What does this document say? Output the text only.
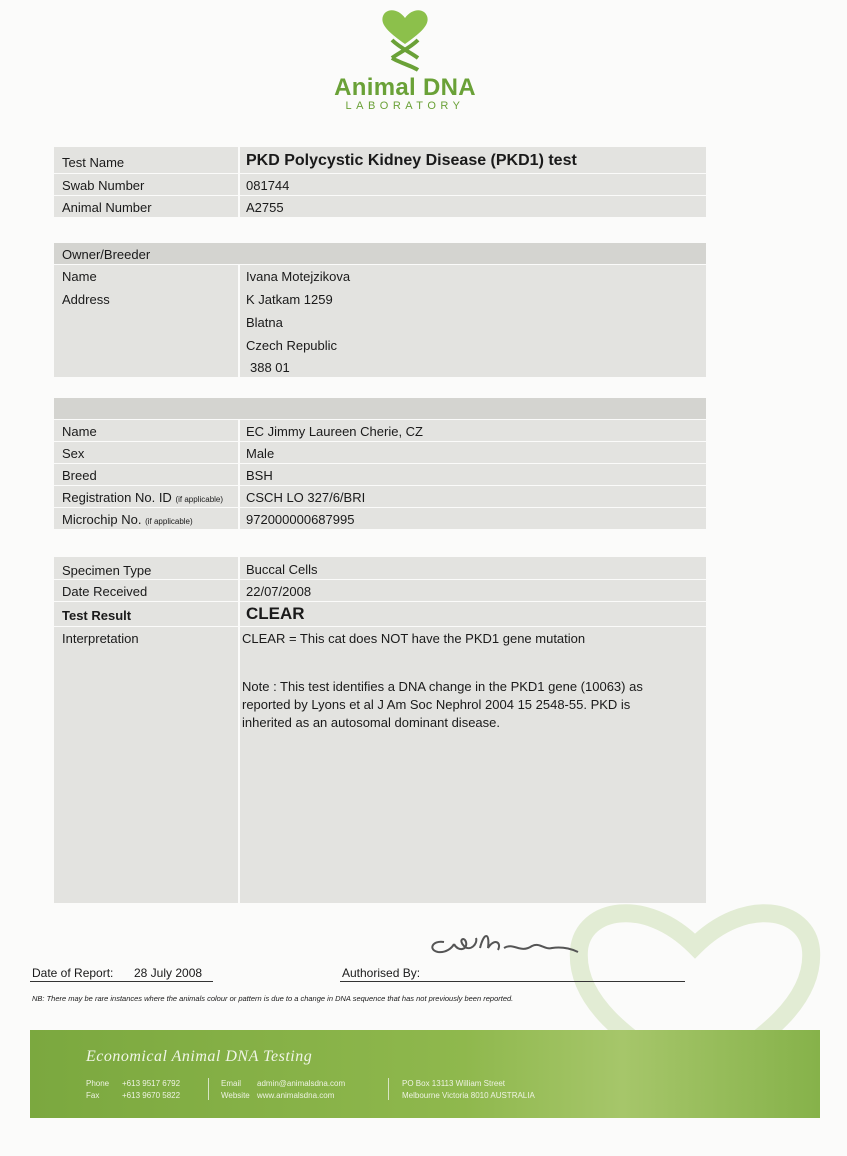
Animal DNA
LABORATORY
Test Name	PKD Polycystic Kidney Disease (PKD1) test
Swab Number	081744
Animal Number	A2755
Owner/Breeder
Name	Ivana Motejzikova
Address	K Jatkam 1259
Blatna
Czech Republic
388 01
Name	EC Jimmy Laureen Cherie, CZ
Sex	Male
Breed	BSH
Registration No. ID (if applicable) CSCH LO 327/6/BRI
Microchip No. (if applicable)	972000000687995
Specimen Type	Buccal Cells
Date Received	22/07/2008
Test Result	CLEAR
Interpretation	CLEAR = This cat does NOT have the PKD1 gene mutation
Note : This test identifies a DNA change in the PKD1 gene (10063) as
reported by Lyons et al J Am Soc Nephrol 2004 15 2548-55. PKD is
inherited as an autosomal dominant disease.
Date of Report: 28 July 2008	Authorised By:
NB: There may be rare instances where the animals colour or pattern is due to a change in DNA sequence that has not previously been reported.
Economical Animal DNA Testing
Phone +613 9517 6792
Fax	+613 9670 5822
Email admin@animalsdna.com
Website www.animalsdna.com
PO Box 13113 William Street
Melbourne Victoria 8010 AUSTRALIA
